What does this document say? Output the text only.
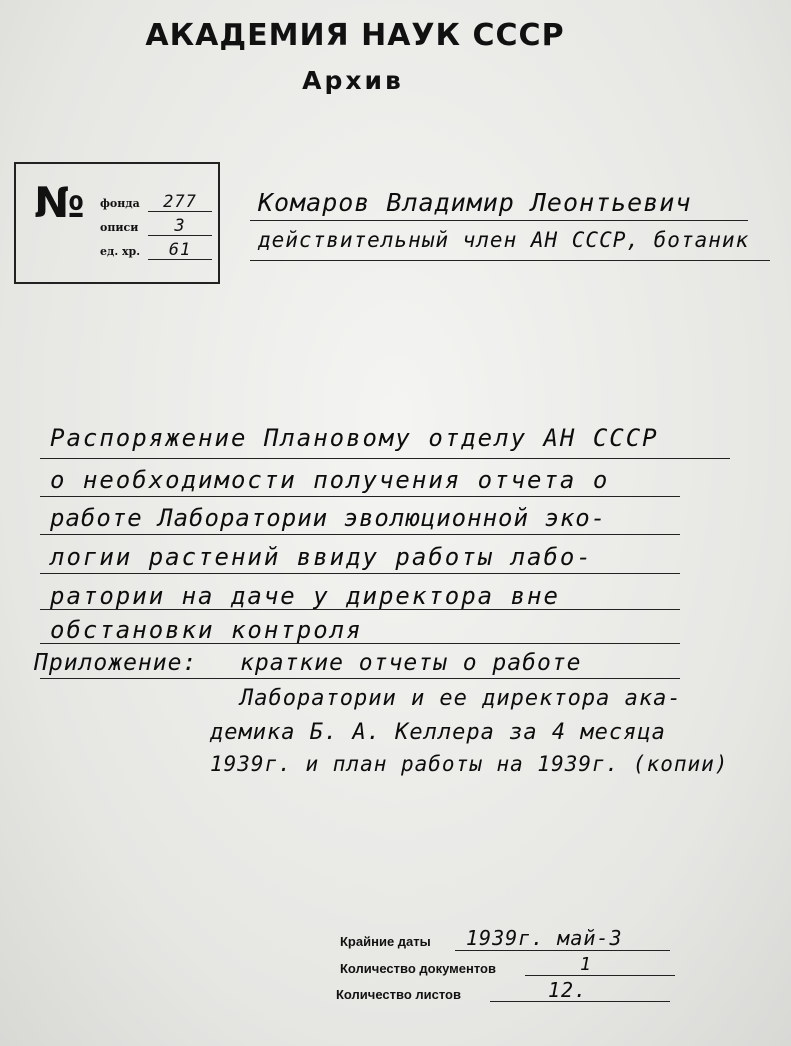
АКАДЕМИЯ НАУК СССР
Архив
№ фонда	277
описи	3
ед. хр.	61
Комаров Владимир Леонтьевич
действительный член АН СССР, ботаник
Распоряжение Плановому отделу АН СССР
о необходимости получения отчета о
работе Лаборатории эволюционной эко-
логии растений ввиду работы лабо-
ратории на даче у директора вне
обстановки контроля
Приложение: краткие отчеты о работе
Лаборатории и ее директора ака-
демика Б. А. Келлера за 4 месяца
1939г. и план работы на 1939г. (копии)
Крайние даты 1939г. май-3
Количество документов	1
Количество листов	12.
